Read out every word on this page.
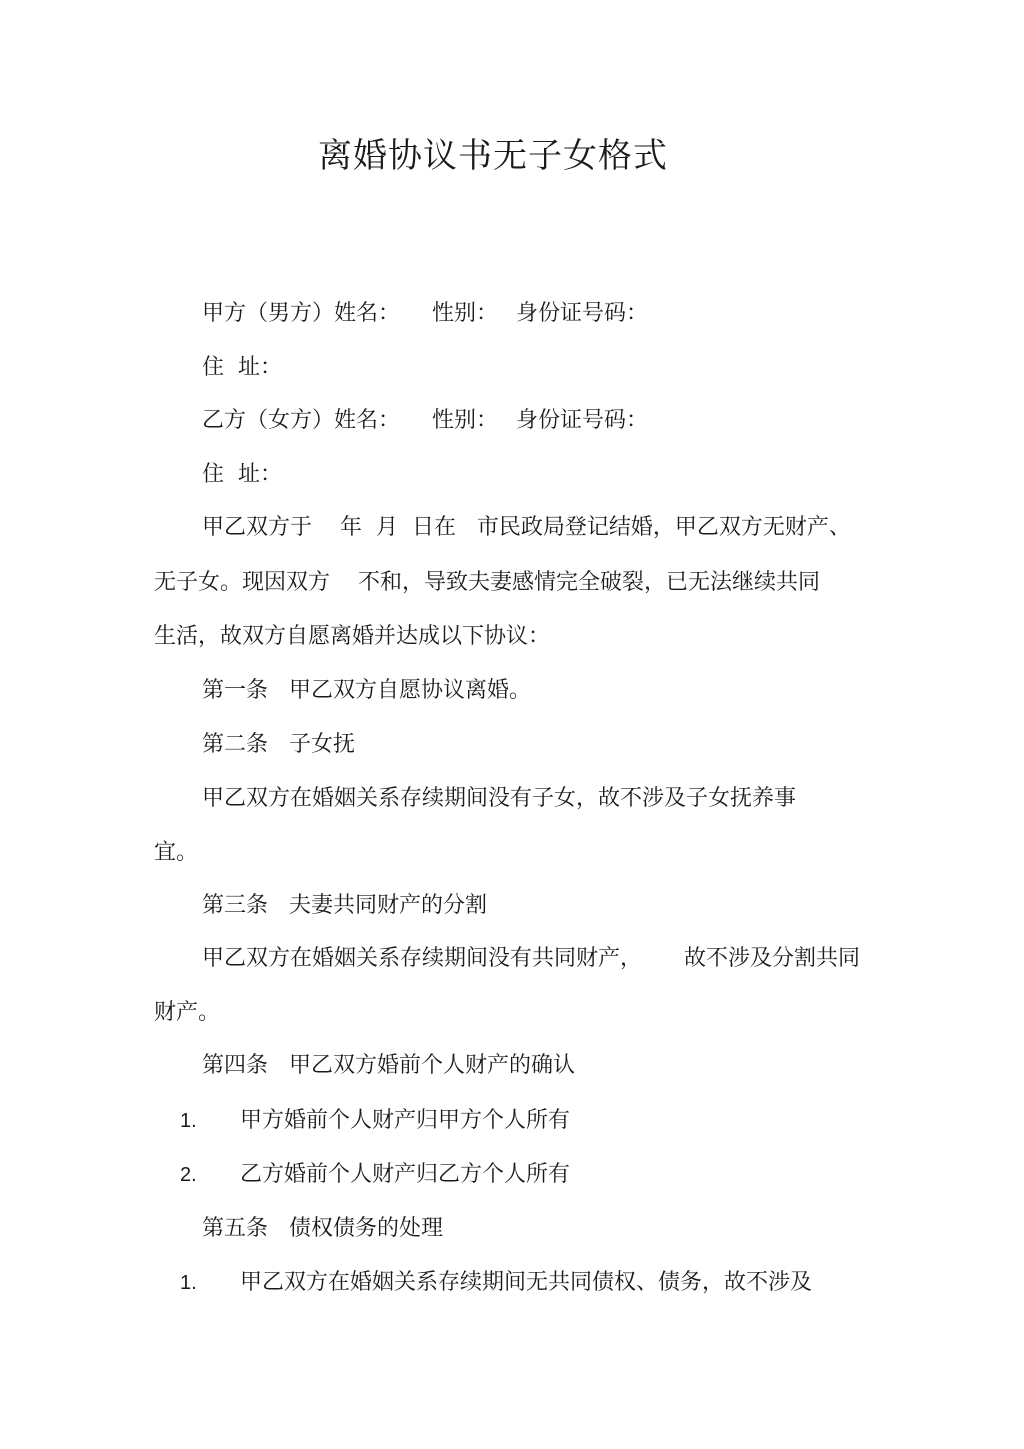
离婚协议书无子女格式
甲方（男方）姓名： 性别： 身份证号码：
住  址：
乙方（女方）姓名： 性别： 身份证号码：
住  址：
甲乙双方于    年  月  日在   市民政局登记结婚，甲乙双方无财产、
无子女。现因双方    不和，导致夫妻感情完全破裂，已无法继续共同
生活，故双方自愿离婚并达成以下协议：
第一条   甲乙双方自愿协议离婚。
第二条   子女抚
甲乙双方在婚姻关系存续期间没有子女，故不涉及子女抚养事
宜。
第三条   夫妻共同财产的分割
甲乙双方在婚姻关系存续期间没有共同财产，      故不涉及分割共同
财产。
第四条   甲乙双方婚前个人财产的确认
1. 甲方婚前个人财产归甲方个人所有
2. 乙方婚前个人财产归乙方个人所有
第五条   债权债务的处理
1. 甲乙双方在婚姻关系存续期间无共同债权、债务，故不涉及
